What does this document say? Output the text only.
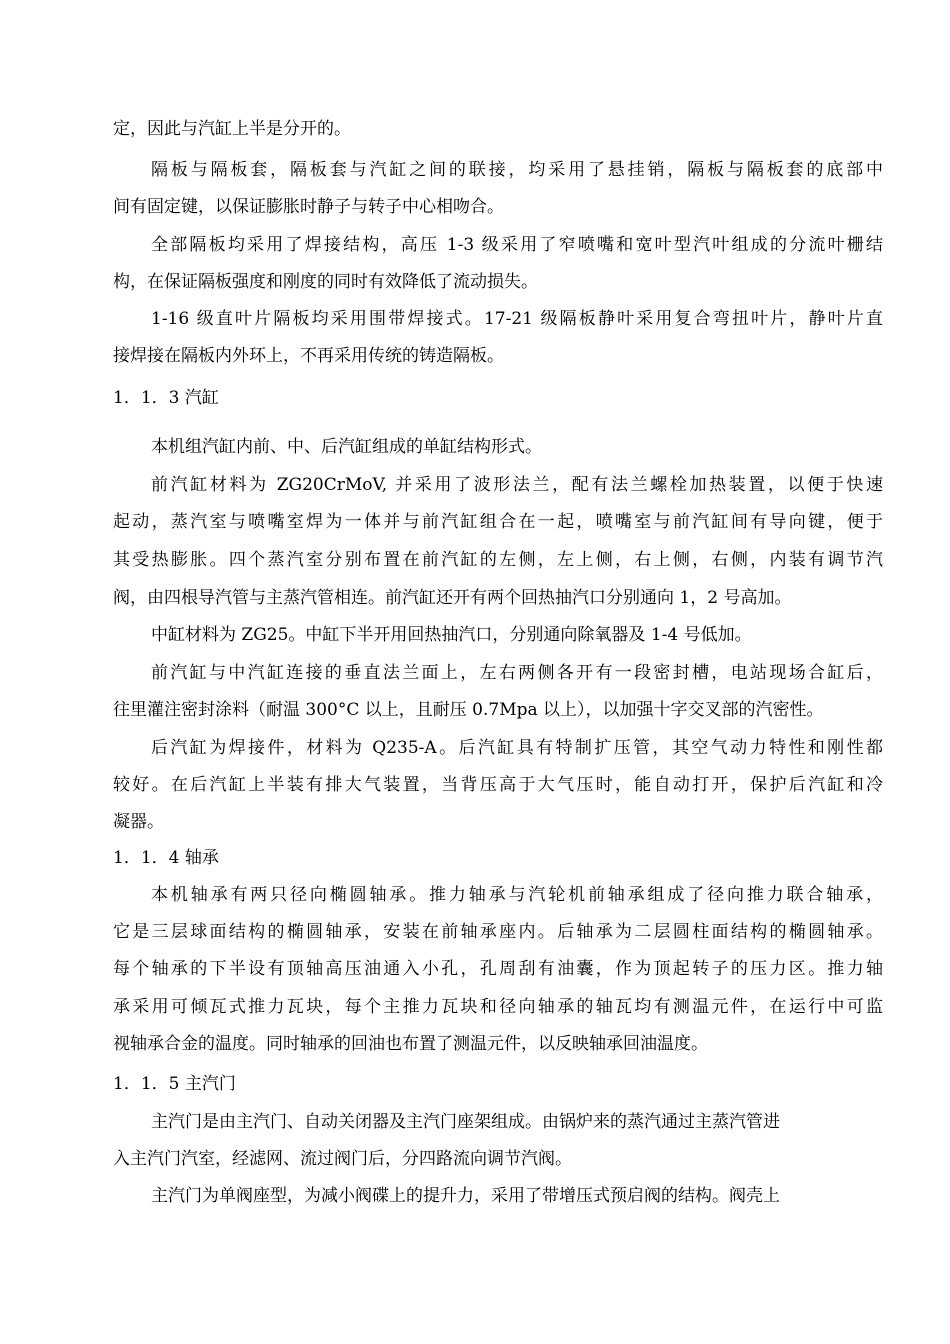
定，因此与汽缸上半是分开的。
隔板与隔板套，隔板套与汽缸之间的联接，均采用了悬挂销，隔板与隔板套的底部中
间有固定键，以保证膨胀时静子与转子中心相吻合。
全部隔板均采用了焊接结构，高压 1-3 级采用了窄喷嘴和宽叶型汽叶组成的分流叶栅结
构，在保证隔板强度和刚度的同时有效降低了流动损失。
1-16 级直叶片隔板均采用围带焊接式。17-21 级隔板静叶采用复合弯扭叶片，静叶片直
接焊接在隔板内外环上，不再采用传统的铸造隔板。
1．1．3 汽缸
本机组汽缸内前、中、后汽缸组成的单缸结构形式。
前汽缸材料为 ZG20CrMoV, 并采用了波形法兰，配有法兰螺栓加热装置，以便于快速
起动，蒸汽室与喷嘴室焊为一体并与前汽缸组合在一起，喷嘴室与前汽缸间有导向键，便于
其受热膨胀。四个蒸汽室分别布置在前汽缸的左侧，左上侧，右上侧，右侧，内装有调节汽
阀，由四根导汽管与主蒸汽管相连。前汽缸还开有两个回热抽汽口分别通向 1，2 号高加。
中缸材料为 ZG25。中缸下半开用回热抽汽口，分别通向除氧器及 1-4 号低加。
前汽缸与中汽缸连接的垂直法兰面上，左右两侧各开有一段密封槽，电站现场合缸后，
往里灌注密封涂料（耐温 300°C 以上，且耐压 0.7Mpa 以上），以加强十字交叉部的汽密性。
后汽缸为焊接件，材料为 Q235-A。后汽缸具有特制扩压管，其空气动力特性和刚性都
较好。在后汽缸上半装有排大气装置，当背压高于大气压时，能自动打开，保护后汽缸和冷
凝器。
1．1．4 轴承
本机轴承有两只径向椭圆轴承。推力轴承与汽轮机前轴承组成了径向推力联合轴承，
它是三层球面结构的椭圆轴承，安装在前轴承座内。后轴承为二层圆柱面结构的椭圆轴承。
每个轴承的下半设有顶轴高压油通入小孔，孔周刮有油囊，作为顶起转子的压力区。推力轴
承采用可倾瓦式推力瓦块，每个主推力瓦块和径向轴承的轴瓦均有测温元件，在运行中可监
视轴承合金的温度。同时轴承的回油也布置了测温元件，以反映轴承回油温度。
1．1．5 主汽门
主汽门是由主汽门、自动关闭器及主汽门座架组成。由锅炉来的蒸汽通过主蒸汽管进
入主汽门汽室，经滤网、流过阀门后，分四路流向调节汽阀。
主汽门为单阀座型，为减小阀碟上的提升力，采用了带增压式预启阀的结构。阀壳上
